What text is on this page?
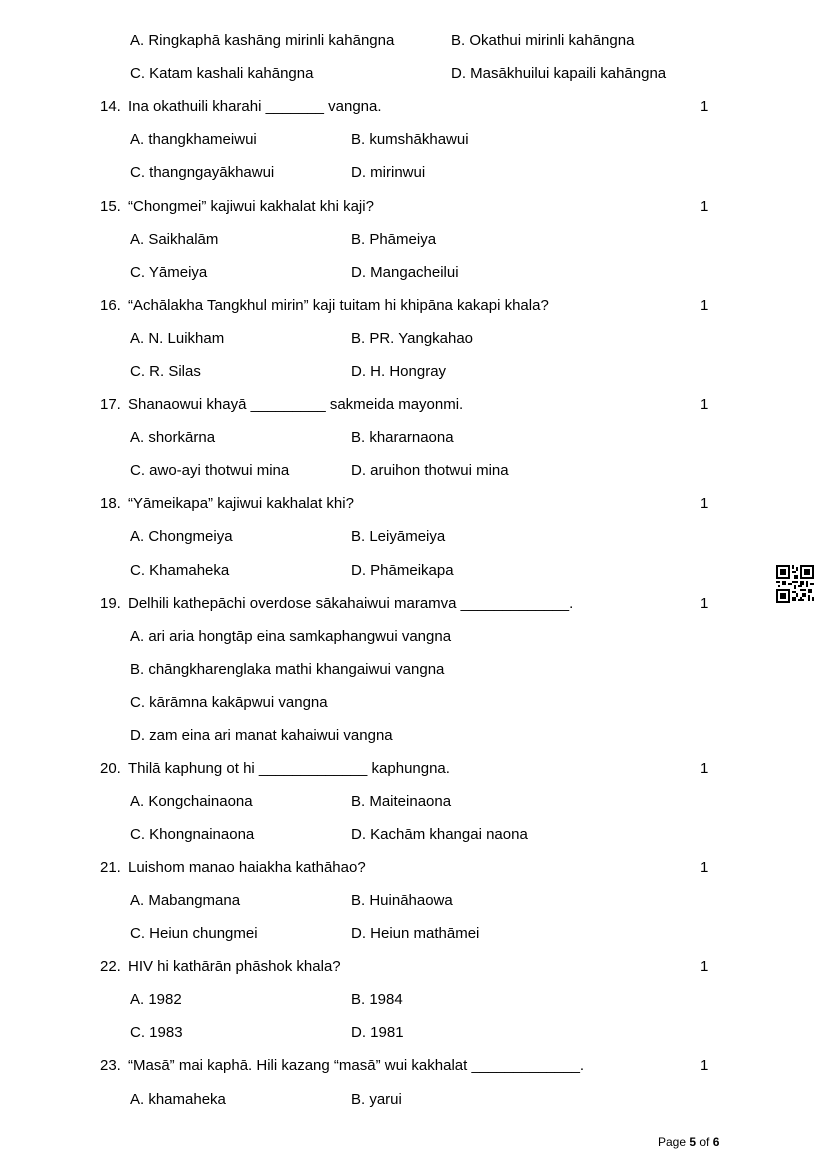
A. Ringkaphā kashāng mirinli kahāngna	B. Okathui mirinli kahāngna
C. Katam kashali kahāngna	D. Masākhuilui kapaili kahāngna
14. Ina okathuili kharahi _______ vangna.	1
A. thangkhameiwui	B. kumshākhawui
C. thangngayākhawui	D. mirinwui
15. “Chongmei” kajiwui kakhalat khi kaji?	1
A. Saikhalām	B. Phāmeiya
C. Yāmeiya	D. Mangacheilui
16. “Achālakha Tangkhul mirin” kaji tuitam hi khipāna kakapi khala?	1
A. N. Luikham	B. PR. Yangkahao
C. R. Silas	D. H. Hongray
17. Shanaowui khayā _________ sakmeida mayonmi.	1
A. shorkārna	B. khararnaona
C. awo-ayi thotwui mina	D. aruihon thotwui mina
18. “Yāmeikapa” kajiwui kakhalat khi?	1
A. Chongmeiya	B. Leiyāmeiya
C. Khamaheka	D. Phāmeikapa
19. Delhili kathepāchi overdose sākahaiwui maramva _____________.	1
A. ari aria hongtāp eina samkaphangwui vangna
B. chāngkharenglaka mathi khangaiwui vangna
C. kārāmna kakāpwui vangna
D. zam eina ari manat kahaiwui vangna
20. Thilā kaphung ot hi _____________ kaphungna.	1
A. Kongchainaona	B. Maiteinaona
C. Khongnainaona	D. Kachām khangai naona
21. Luishom manao haiakha kathāhao?	1
A. Mabangmana	B. Huināhaowa
C. Heiun chungmei	D. Heiun mathāmei
22. HIV hi kathārān phāshok khala?	1
A. 1982	B. 1984
C. 1983	D. 1981
23. “Masā” mai kaphā. Hili kazang “masā” wui kakhalat _____________.	1
A. khamaheka	B. yarui
Page 5 of 6
